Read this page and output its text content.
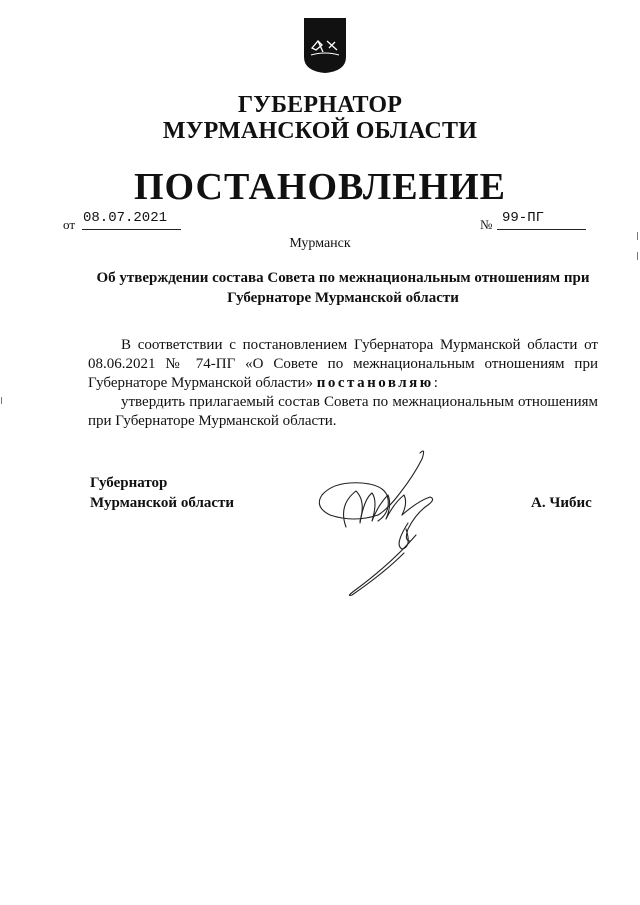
ГУБЕРНАТОР
МУРМАНСКОЙ ОБЛАСТИ
ПОСТАНОВЛЕНИЕ
от 08.07.2021	№ 99-ПГ
Мурманск
Об утверждении состава Совета по межнациональным отношениям при
Губернаторе Мурманской области

В соответствии с постановлением Губернатора Мурманской области от 08.06.2021 № 74-ПГ «О Совете по межнациональным отношениям при Губернаторе Мурманской области» постановляю:

утвердить прилагаемый состав Совета по межнациональным отношениям при Губернаторе Мурманской области.

Губернатор
Мурманской области	А. Чибис
